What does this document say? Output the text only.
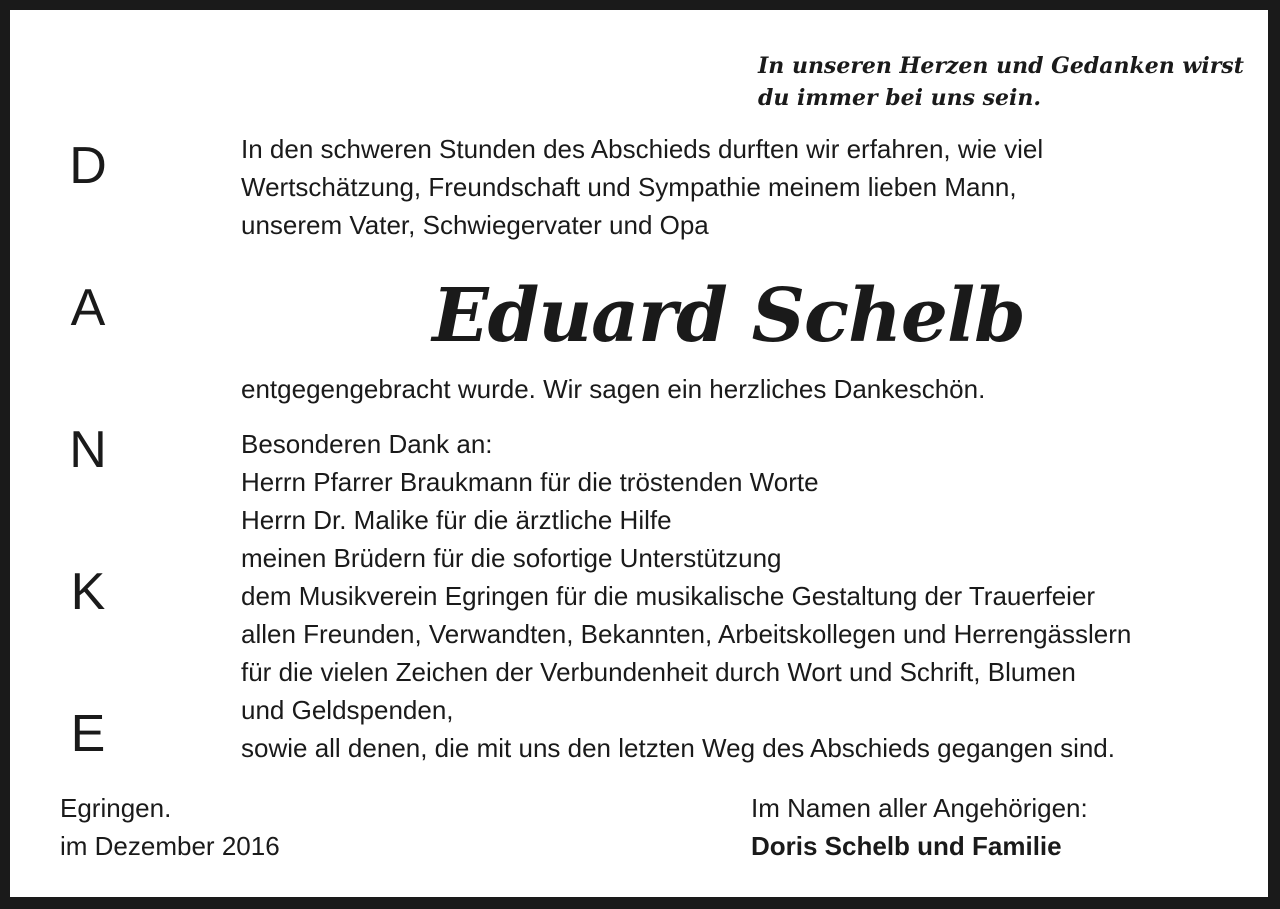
In unseren Herzen und Gedanken wirst
du immer bei uns sein.
D
A
N
K
E
In den schweren Stunden des Abschieds durften wir erfahren, wie viel
Wertschätzung, Freundschaft und Sympathie meinem lieben Mann,
unserem Vater, Schwiegervater und Opa
Eduard Schelb
entgegengebracht wurde. Wir sagen ein herzliches Dankeschön.
Besonderen Dank an:
Herrn Pfarrer Braukmann für die tröstenden Worte
Herrn Dr. Malike für die ärztliche Hilfe
meinen Brüdern für die sofortige Unterstützung
dem Musikverein Egringen für die musikalische Gestaltung der Trauerfeier
allen Freunden, Verwandten, Bekannten, Arbeitskollegen und Herrengässlern
für die vielen Zeichen der Verbundenheit durch Wort und Schrift, Blumen
und Geldspenden,
sowie all denen, die mit uns den letzten Weg des Abschieds gegangen sind.
Egringen.
im Dezember 2016
Im Namen aller Angehörigen:
Doris Schelb und Familie
